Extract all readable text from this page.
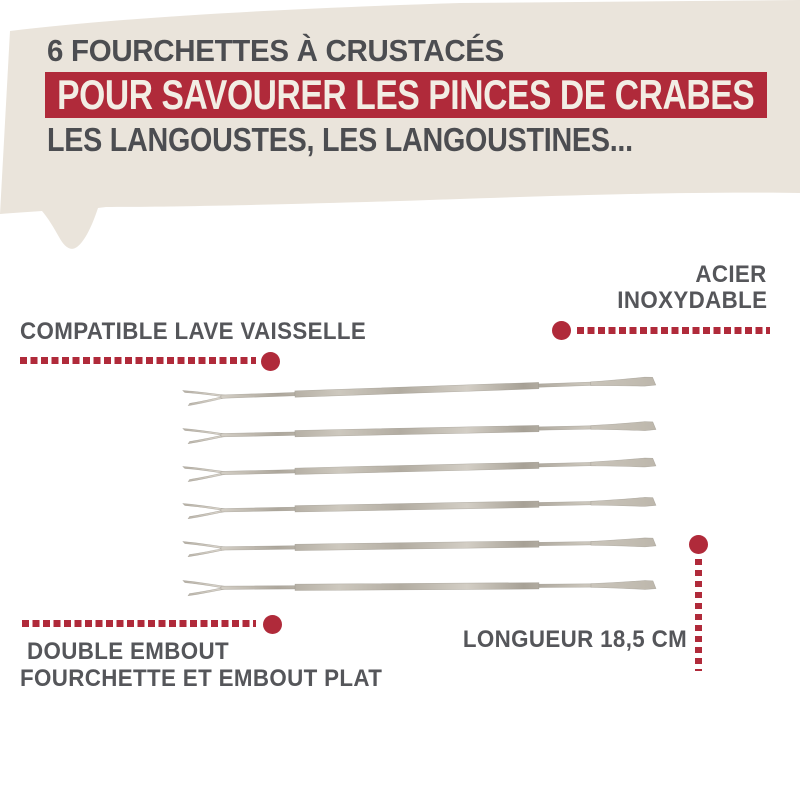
6 FOURCHETTES À CRUSTACÉS
POUR SAVOURER LES PINCES DE CRABES
LES LANGOUSTES, LES LANGOUSTINES...
ACIER
INOXYDABLE
COMPATIBLE LAVE VAISSELLE
LONGUEUR 18,5 CM
DOUBLE EMBOUT
FOURCHETTE ET EMBOUT PLAT
